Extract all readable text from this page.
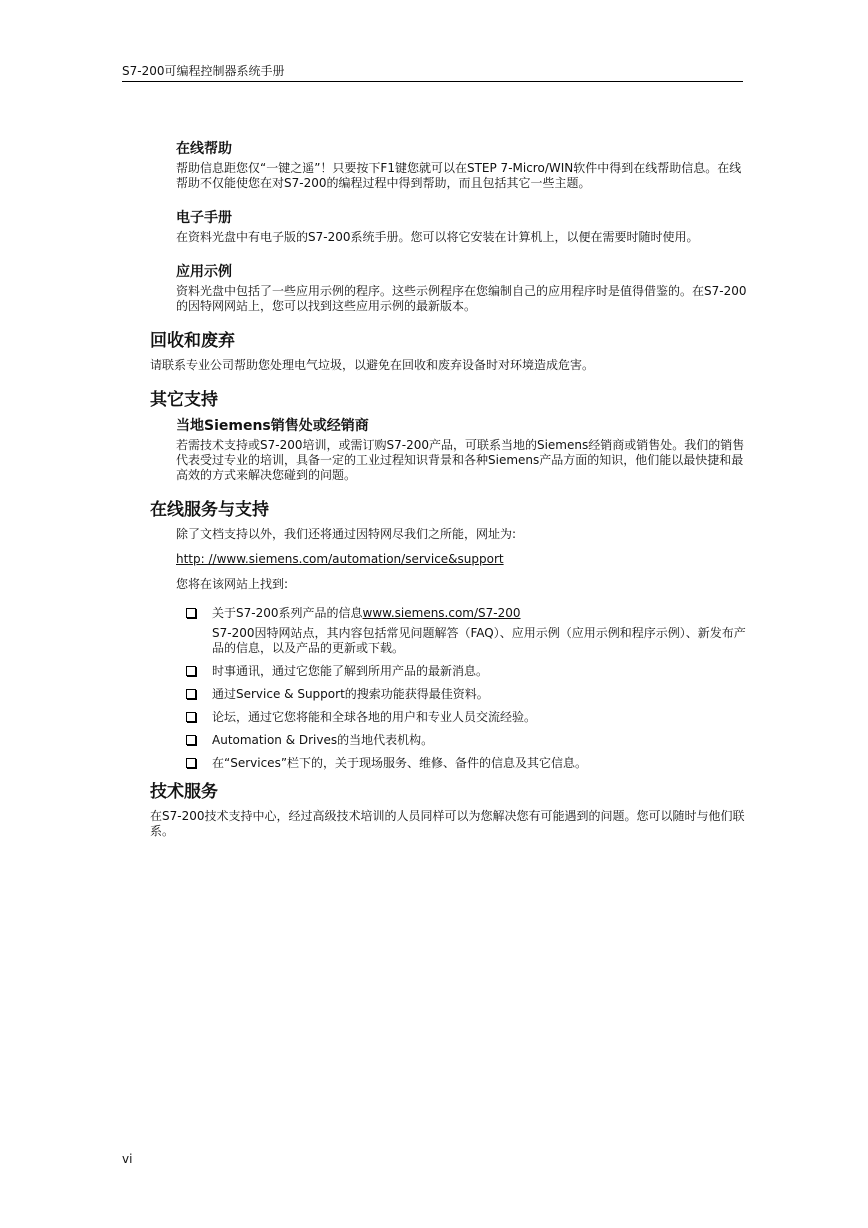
S7-200可编程控制器系统手册
在线帮助

帮助信息距您仅“一键之遥”！只要按下F1键您就可以在STEP 7-Micro/WIN软件中得到在线帮助信息。在线帮助不仅能使您在对S7-200的编程过程中得到帮助，而且包括其它一些主题。

电子手册

在资料光盘中有电子版的S7-200系统手册。您可以将它安装在计算机上，以便在需要时随时使用。

应用示例

资料光盘中包括了一些应用示例的程序。这些示例程序在您编制自己的应用程序时是值得借鉴的。在S7-200的因特网网站上，您可以找到这些应用示例的最新版本。

回收和废弃

请联系专业公司帮助您处理电气垃圾，以避免在回收和废弃设备时对环境造成危害。

其它支持
当地Siemens销售处或经销商

若需技术支持或S7-200培训，或需订购S7-200产品，可联系当地的Siemens经销商或销售处。我们的销售代表受过专业的培训，具备一定的工业过程知识背景和各种Siemens产品方面的知识，他们能以最快捷和最高效的方式来解决您碰到的问题。

在线服务与支持

除了文档支持以外，我们还将通过因特网尽我们之所能，网址为:

http: //www.siemens.com/automation/service&support

您将在该网站上找到:

关于S7-200系列产品的信息www.siemens.com/S7-200
S7-200因特网站点，其内容包括常见问题解答（FAQ）、应用示例（应用示例和程序示例）、新发布产品的信息，以及产品的更新或下载。
时事通讯，通过它您能了解到所用产品的最新消息。
通过Service & Support的搜索功能获得最佳资料。
论坛，通过它您将能和全球各地的用户和专业人员交流经验。
Automation & Drives的当地代表机构。
在“Services”栏下的，关于现场服务、维修、备件的信息及其它信息。
技术服务

在S7-200技术支持中心，经过高级技术培训的人员同样可以为您解决您有可能遇到的问题。您可以随时与他们联系。

vi
